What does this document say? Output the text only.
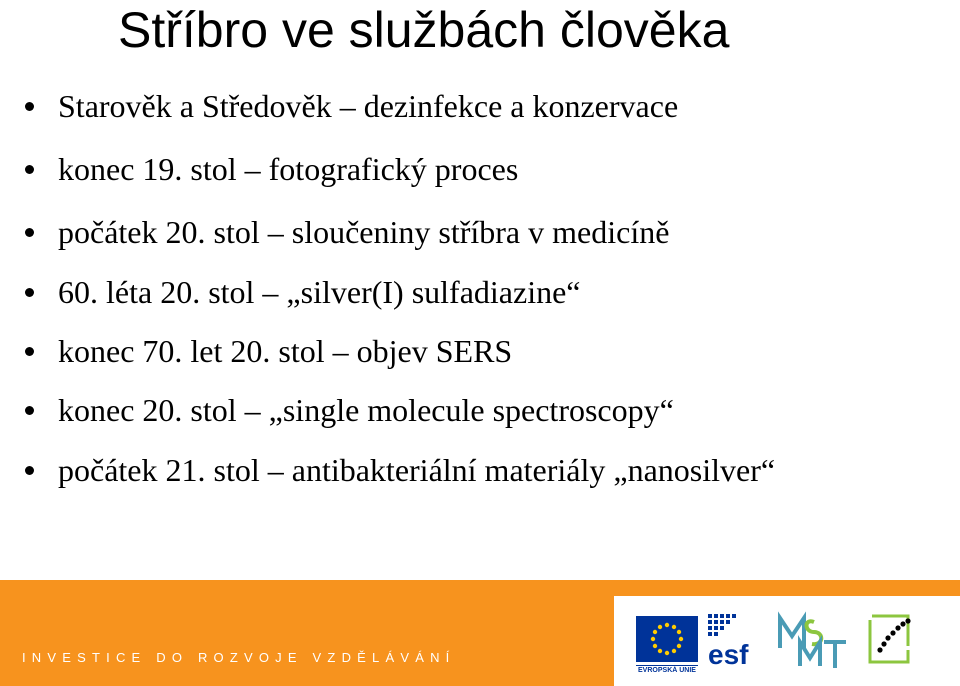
Stříbro ve službách člověka
Starověk a Středověk – dezinfekce a konzervace
konec 19. stol – fotografický proces
počátek 20. stol – sloučeniny stříbra v medicíně
60. léta 20. stol – „silver(I) sulfadiazine“
konec 70. let 20. stol – objev SERS
konec 20. stol – „single molecule spectroscopy“
počátek 21. stol – antibakteriální materiály „nanosilver“
INVESTICE DO ROZVOJE VZDĚLÁVÁNÍ
EVROPSKÁ UNIE
esf
MŠMT
